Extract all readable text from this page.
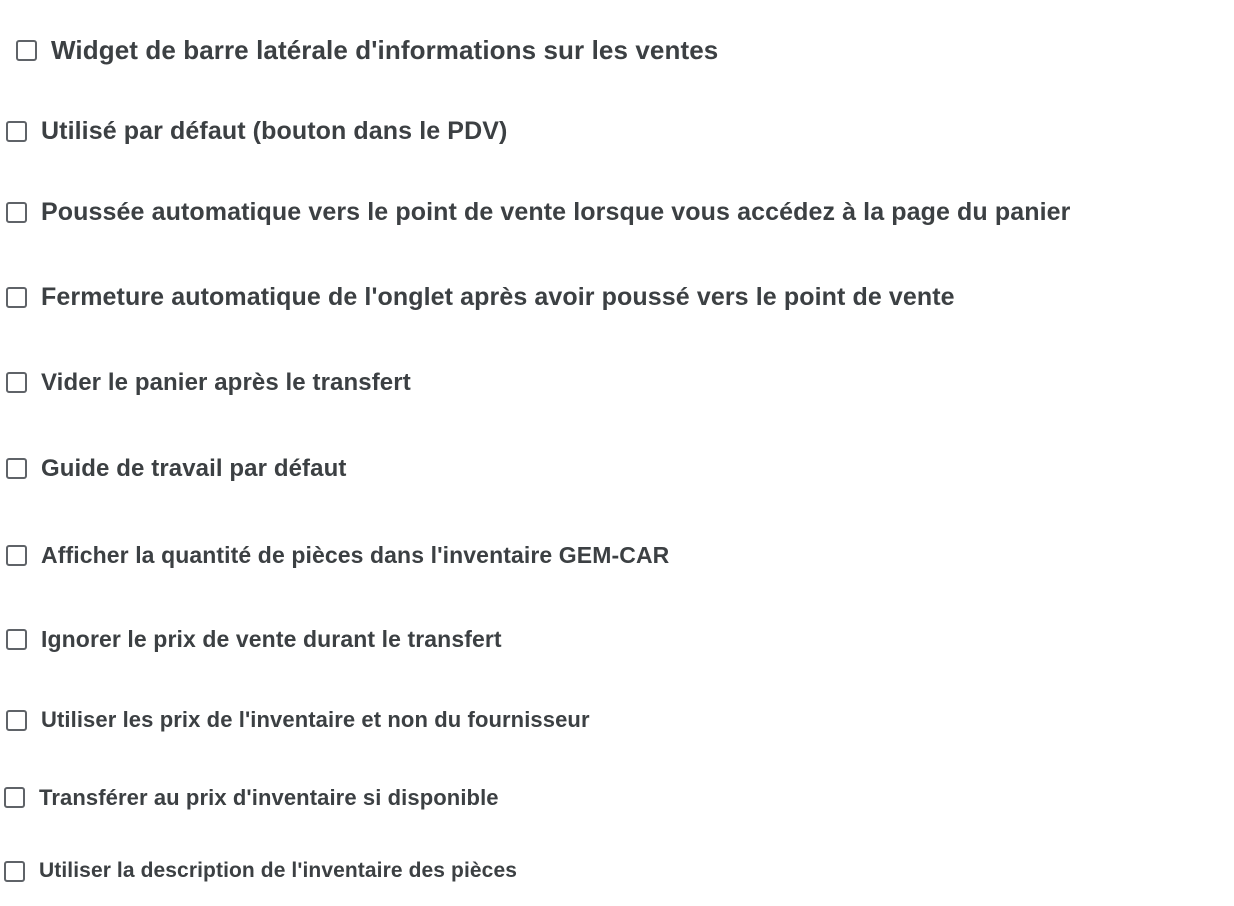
Widget de barre latérale d'informations sur les ventes
Utilisé par défaut (bouton dans le PDV)
Poussée automatique vers le point de vente lorsque vous accédez à la page du panier
Fermeture automatique de l'onglet après avoir poussé vers le point de vente
Vider le panier après le transfert
Guide de travail par défaut
Afficher la quantité de pièces dans l'inventaire GEM-CAR
Ignorer le prix de vente durant le transfert
Utiliser les prix de l'inventaire et non du fournisseur
Transférer au prix d'inventaire si disponible
Utiliser la description de l'inventaire des pièces
